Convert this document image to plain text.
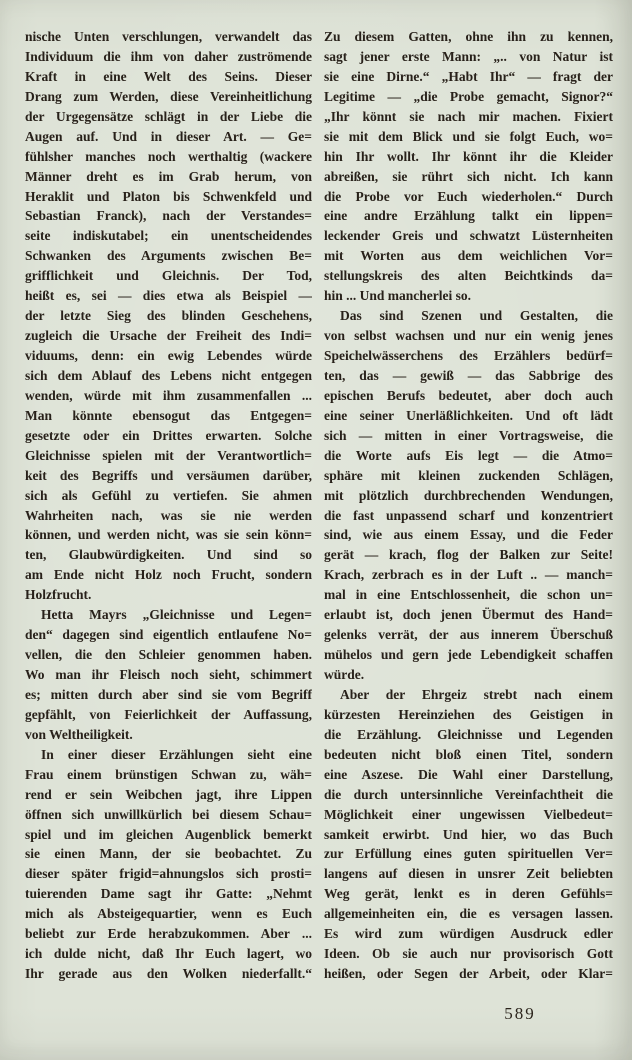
nische Unten verschlungen, verwandelt das
Individuum die ihm von daher zuströmende
Kraft in eine Welt des Seins. Dieser
Drang zum Werden, diese Vereinheitlichung
der Urgegensätze schlägt in der Liebe die
Augen auf. Und in dieser Art. — Ge=
fühlsher manches noch werthaltig (wackere
Männer dreht es im Grab herum, von
Heraklit und Platon bis Schwenkfeld und
Sebastian Franck), nach der Verstandes=
seite indiskutabel; ein unentscheidendes
Schwanken des Arguments zwischen Be=
grifflichkeit und Gleichnis. Der Tod,
heißt es, sei — dies etwa als Beispiel —
der letzte Sieg des blinden Geschehens,
zugleich die Ursache der Freiheit des Indi=
viduums, denn: ein ewig Lebendes würde
sich dem Ablauf des Lebens nicht entgegen
wenden, würde mit ihm zusammenfallen ...
Man könnte ebensogut das Entgegen=
gesetzte oder ein Drittes erwarten. Solche
Gleichnisse spielen mit der Verantwortlich=
keit des Begriffs und versäumen darüber,
sich als Gefühl zu vertiefen. Sie ahmen
Wahrheiten nach, was sie nie werden
können, und werden nicht, was sie sein könn=
ten, Glaubwürdigkeiten. Und sind so
am Ende nicht Holz noch Frucht, sondern
Holzfrucht.
Hetta Mayrs „Gleichnisse und Legen=
den“ dagegen sind eigentlich entlaufene No=
vellen, die den Schleier genommen haben.
Wo man ihr Fleisch noch sieht, schimmert
es; mitten durch aber sind sie vom Begriff
gepfählt, von Feierlichkeit der Auffassung,
von Weltheiligkeit.
In einer dieser Erzählungen sieht eine
Frau einem brünstigen Schwan zu, wäh=
rend er sein Weibchen jagt, ihre Lippen
öffnen sich unwillkürlich bei diesem Schau=
spiel und im gleichen Augenblick bemerkt
sie einen Mann, der sie beobachtet. Zu
dieser später frigid=ahnungslos sich prosti=
tuierenden Dame sagt ihr Gatte: „Nehmt
mich als Absteigequartier, wenn es Euch
beliebt zur Erde herabzukommen. Aber ...
ich dulde nicht, daß Ihr Euch lagert, wo
Ihr gerade aus den Wolken niederfallt.“
Zu diesem Gatten, ohne ihn zu kennen,
sagt jener erste Mann: „.. von Natur ist
sie eine Dirne.“ „Habt Ihr“ — fragt der
Legitime — „die Probe gemacht, Signor?“
„Ihr könnt sie nach mir machen. Fixiert
sie mit dem Blick und sie folgt Euch, wo=
hin Ihr wollt. Ihr könnt ihr die Kleider
abreißen, sie rührt sich nicht. Ich kann
die Probe vor Euch wiederholen.“ Durch
eine andre Erzählung talkt ein lippen=
leckender Greis und schwatzt Lüsternheiten
mit Worten aus dem weichlichen Vor=
stellungskreis des alten Beichtkinds da=
hin ... Und mancherlei so.
Das sind Szenen und Gestalten, die
von selbst wachsen und nur ein wenig jenes
Speichelwässerchens des Erzählers bedürf=
ten, das — gewiß — das Sabbrige des
epischen Berufs bedeutet, aber doch auch
eine seiner Unerläßlichkeiten. Und oft lädt
sich — mitten in einer Vortragsweise, die
die Worte aufs Eis legt — die Atmo=
sphäre mit kleinen zuckenden Schlägen,
mit plötzlich durchbrechenden Wendungen,
die fast unpassend scharf und konzentriert
sind, wie aus einem Essay, und die Feder
gerät — krach, flog der Balken zur Seite!
Krach, zerbrach es in der Luft .. — manch=
mal in eine Entschlossenheit, die schon un=
erlaubt ist, doch jenen Übermut des Hand=
gelenks verrät, der aus innerem Überschuß
mühelos und gern jede Lebendigkeit schaffen
würde.
Aber der Ehrgeiz strebt nach einem
kürzesten Hereinziehen des Geistigen in
die Erzählung. Gleichnisse und Legenden
bedeuten nicht bloß einen Titel, sondern
eine Aszese. Die Wahl einer Darstellung,
die durch untersinnliche Vereinfachtheit die
Möglichkeit einer ungewissen Vielbedeut=
samkeit erwirbt. Und hier, wo das Buch
zur Erfüllung eines guten spirituellen Ver=
langens auf diesen in unsrer Zeit beliebten
Weg gerät, lenkt es in deren Gefühls=
allgemeinheiten ein, die es versagen lassen.
Es wird zum würdigen Ausdruck edler
Ideen. Ob sie auch nur provisorisch Gott
heißen, oder Segen der Arbeit, oder Klar=
589
